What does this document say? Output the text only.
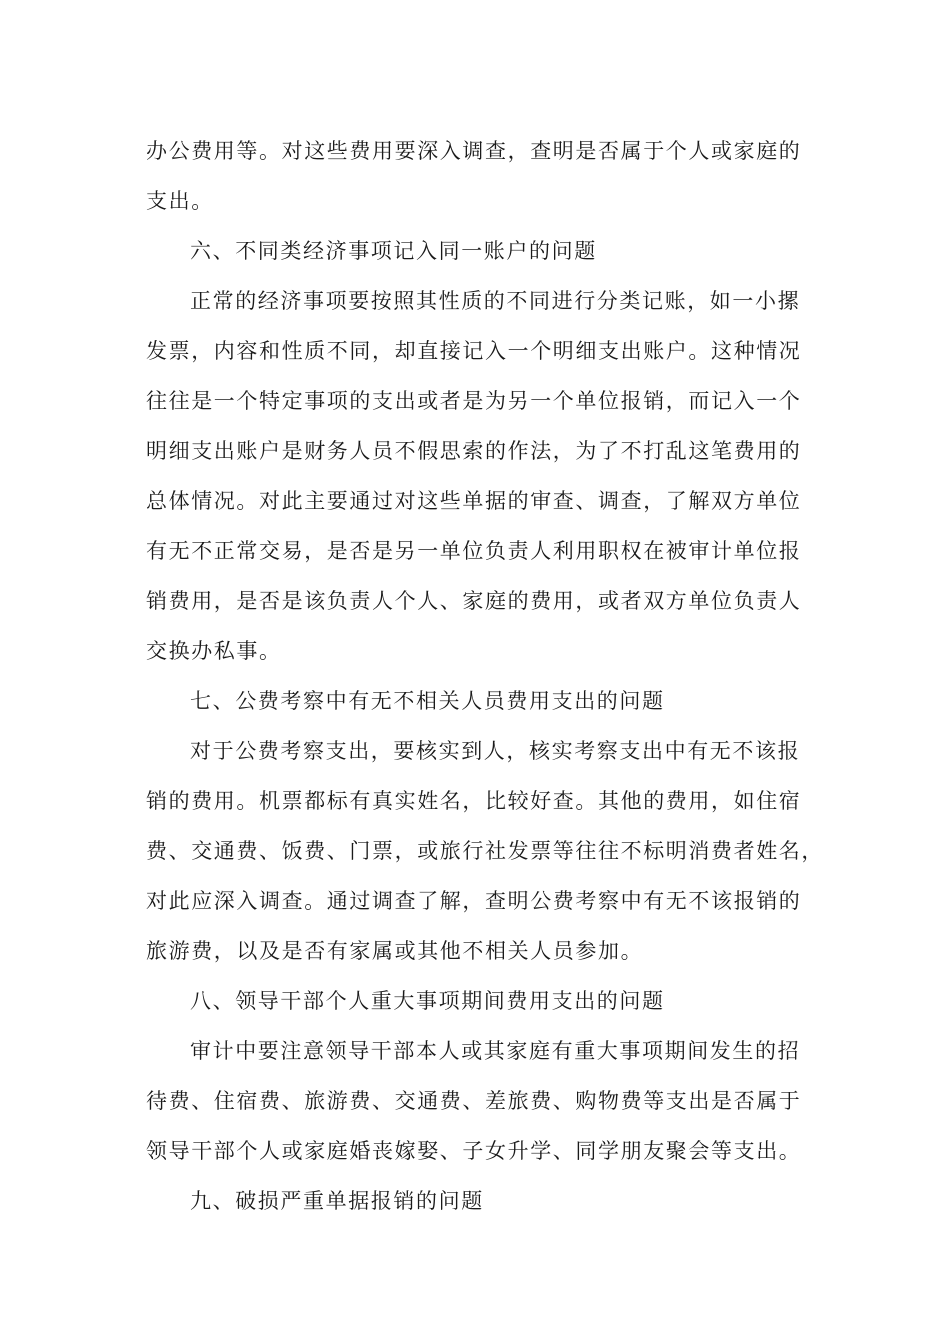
办公费用等。对这些费用要深入调查，查明是否属于个人或家庭的
支出。
六、不同类经济事项记入同一账户的问题
正常的经济事项要按照其性质的不同进行分类记账，如一小摞
发票，内容和性质不同，却直接记入一个明细支出账户。这种情况
往往是一个特定事项的支出或者是为另一个单位报销，而记入一个
明细支出账户是财务人员不假思索的作法，为了不打乱这笔费用的
总体情况。对此主要通过对这些单据的审查、调查，了解双方单位
有无不正常交易，是否是另一单位负责人利用职权在被审计单位报
销费用，是否是该负责人个人、家庭的费用，或者双方单位负责人
交换办私事。
七、公费考察中有无不相关人员费用支出的问题
对于公费考察支出，要核实到人，核实考察支出中有无不该报
销的费用。机票都标有真实姓名，比较好查。其他的费用，如住宿
费、交通费、饭费、门票，或旅行社发票等往往不标明消费者姓名，
对此应深入调查。通过调查了解，查明公费考察中有无不该报销的
旅游费，以及是否有家属或其他不相关人员参加。
八、领导干部个人重大事项期间费用支出的问题
审计中要注意领导干部本人或其家庭有重大事项期间发生的招
待费、住宿费、旅游费、交通费、差旅费、购物费等支出是否属于
领导干部个人或家庭婚丧嫁娶、子女升学、同学朋友聚会等支出。
九、破损严重单据报销的问题
